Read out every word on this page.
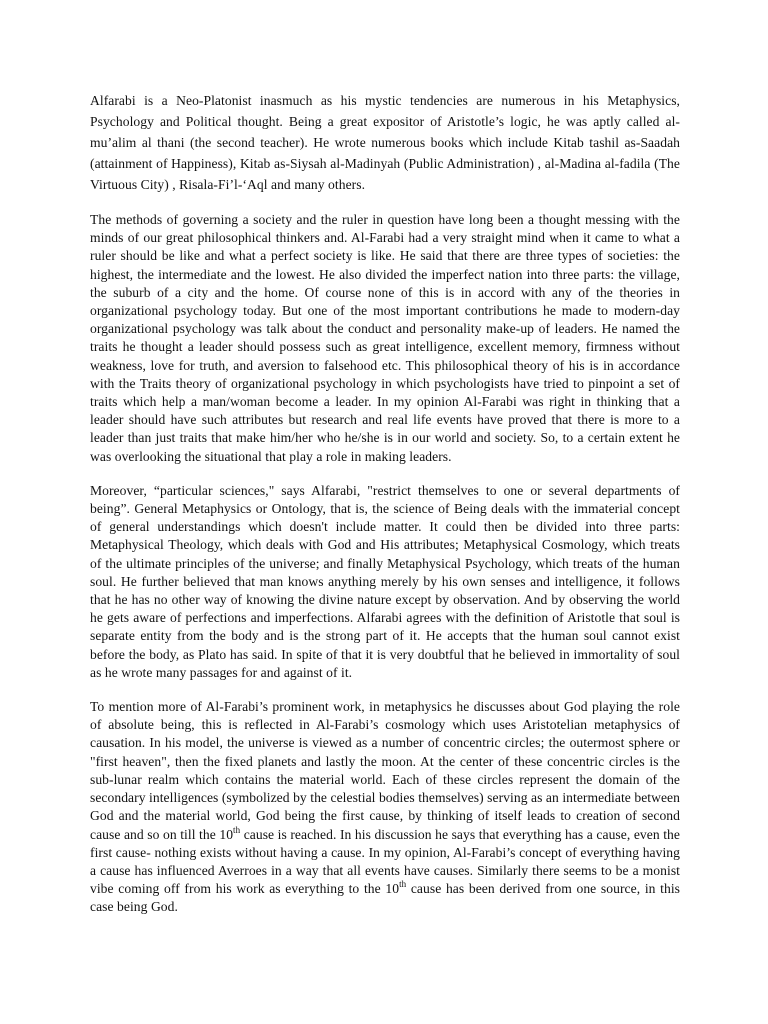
Alfarabi is a Neo-Platonist inasmuch as his mystic tendencies are numerous in his Metaphysics, Psychology and Political thought. Being a great expositor of Aristotle’s logic, he was aptly called al-mu’alim al thani (the second teacher). He wrote numerous books which include Kitab tashil as-Saadah (attainment of Happiness), Kitab as-Siysah al-Madinyah (Public Administration) , al-Madina al-fadila (The Virtuous City) , Risala-Fi’l-‘Aql and many others.

The methods of governing a society and the ruler in question have long been a thought messing with the minds of our great philosophical thinkers and. Al-Farabi had a very straight mind when it came to what a ruler should be like and what a perfect society is like. He said that there are three types of societies: the highest, the intermediate and the lowest. He also divided the imperfect nation into three parts: the village, the suburb of a city and the home. Of course none of this is in accord with any of the theories in organizational psychology today. But one of the most important contributions he made to modern-day organizational psychology was talk about the conduct and personality make-up of leaders. He named the traits he thought a leader should possess such as great intelligence, excellent memory, firmness without weakness, love for truth, and aversion to falsehood etc. This philosophical theory of his is in accordance with the Traits theory of organizational psychology in which psychologists have tried to pinpoint a set of traits which help a man/woman become a leader. In my opinion Al-Farabi was right in thinking that a leader should have such attributes but research and real life events have proved that there is more to a leader than just traits that make him/her who he/she is in our world and society. So, to a certain extent he was overlooking the situational that play a role in making leaders.

Moreover, “particular sciences," says Alfarabi, "restrict themselves to one or several departments of being”. General Metaphysics or Ontology, that is, the science of Being deals with the immaterial concept of general understandings which doesn't include matter. It could then be divided into three parts: Metaphysical Theology, which deals with God and His attributes; Metaphysical Cosmology, which treats of the ultimate principles of the universe; and finally Metaphysical Psychology, which treats of the human soul. He further believed that man knows anything merely by his own senses and intelligence, it follows that he has no other way of knowing the divine nature except by observation. And by observing the world he gets aware of perfections and imperfections. Alfarabi agrees with the definition of Aristotle that soul is separate entity from the body and is the strong part of it. He accepts that the human soul cannot exist before the body, as Plato has said. In spite of that it is very doubtful that he believed in immortality of soul as he wrote many passages for and against of it.

To mention more of Al-Farabi’s prominent work, in metaphysics he discusses about God playing the role of absolute being, this is reflected in Al-Farabi’s cosmology which uses Aristotelian metaphysics of causation. In his model, the universe is viewed as a number of concentric circles; the outermost sphere or "first heaven", then the fixed planets and lastly the moon. At the center of these concentric circles is the sub-lunar realm which contains the material world. Each of these circles represent the domain of the secondary intelligences (symbolized by the celestial bodies themselves) serving as an intermediate between God and the material world, God being the first cause, by thinking of itself leads to creation of second cause and so on till the 10th cause is reached. In his discussion he says that everything has a cause, even the first cause- nothing exists without having a cause. In my opinion, Al-Farabi’s concept of everything having a cause has influenced Averroes in a way that all events have causes. Similarly there seems to be a monist vibe coming off from his work as everything to the 10th cause has been derived from one source, in this case being God.
